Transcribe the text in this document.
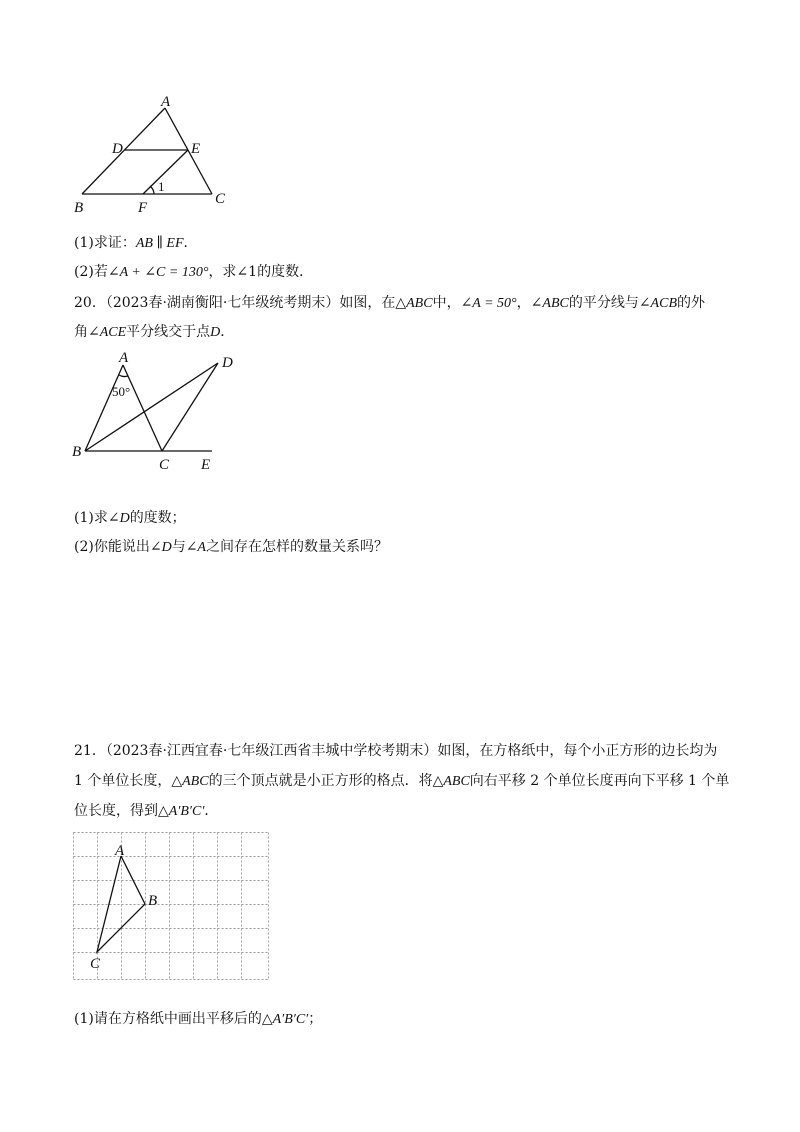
A
D	E
B	F
C
1
(1)求证：AB ∥ EF．
(2)若∠A + ∠C = 130°，求∠1的度数．
20．（2023春·湖南衡阳·七年级统考期末）如图，在△ABC中，∠A = 50°，∠ABC的平分线与∠ACB的外
角∠ACE平分线交于点D．
A
50°
D
B
C E
(1)求∠D的度数；
(2)你能说出∠D与∠A之间存在怎样的数量关系吗？
21．（2023春·江西宜春·七年级江西省丰城中学校考期末）如图，在方格纸中，每个小正方形的边长均为
1 个单位长度，△ABC的三个顶点就是小正方形的格点．将△ABC向右平移 2 个单位长度再向下平移 1 个单
位长度，得到△A′B′C′．
A
B
C
(1)请在方格纸中画出平移后的△A′B′C′；
